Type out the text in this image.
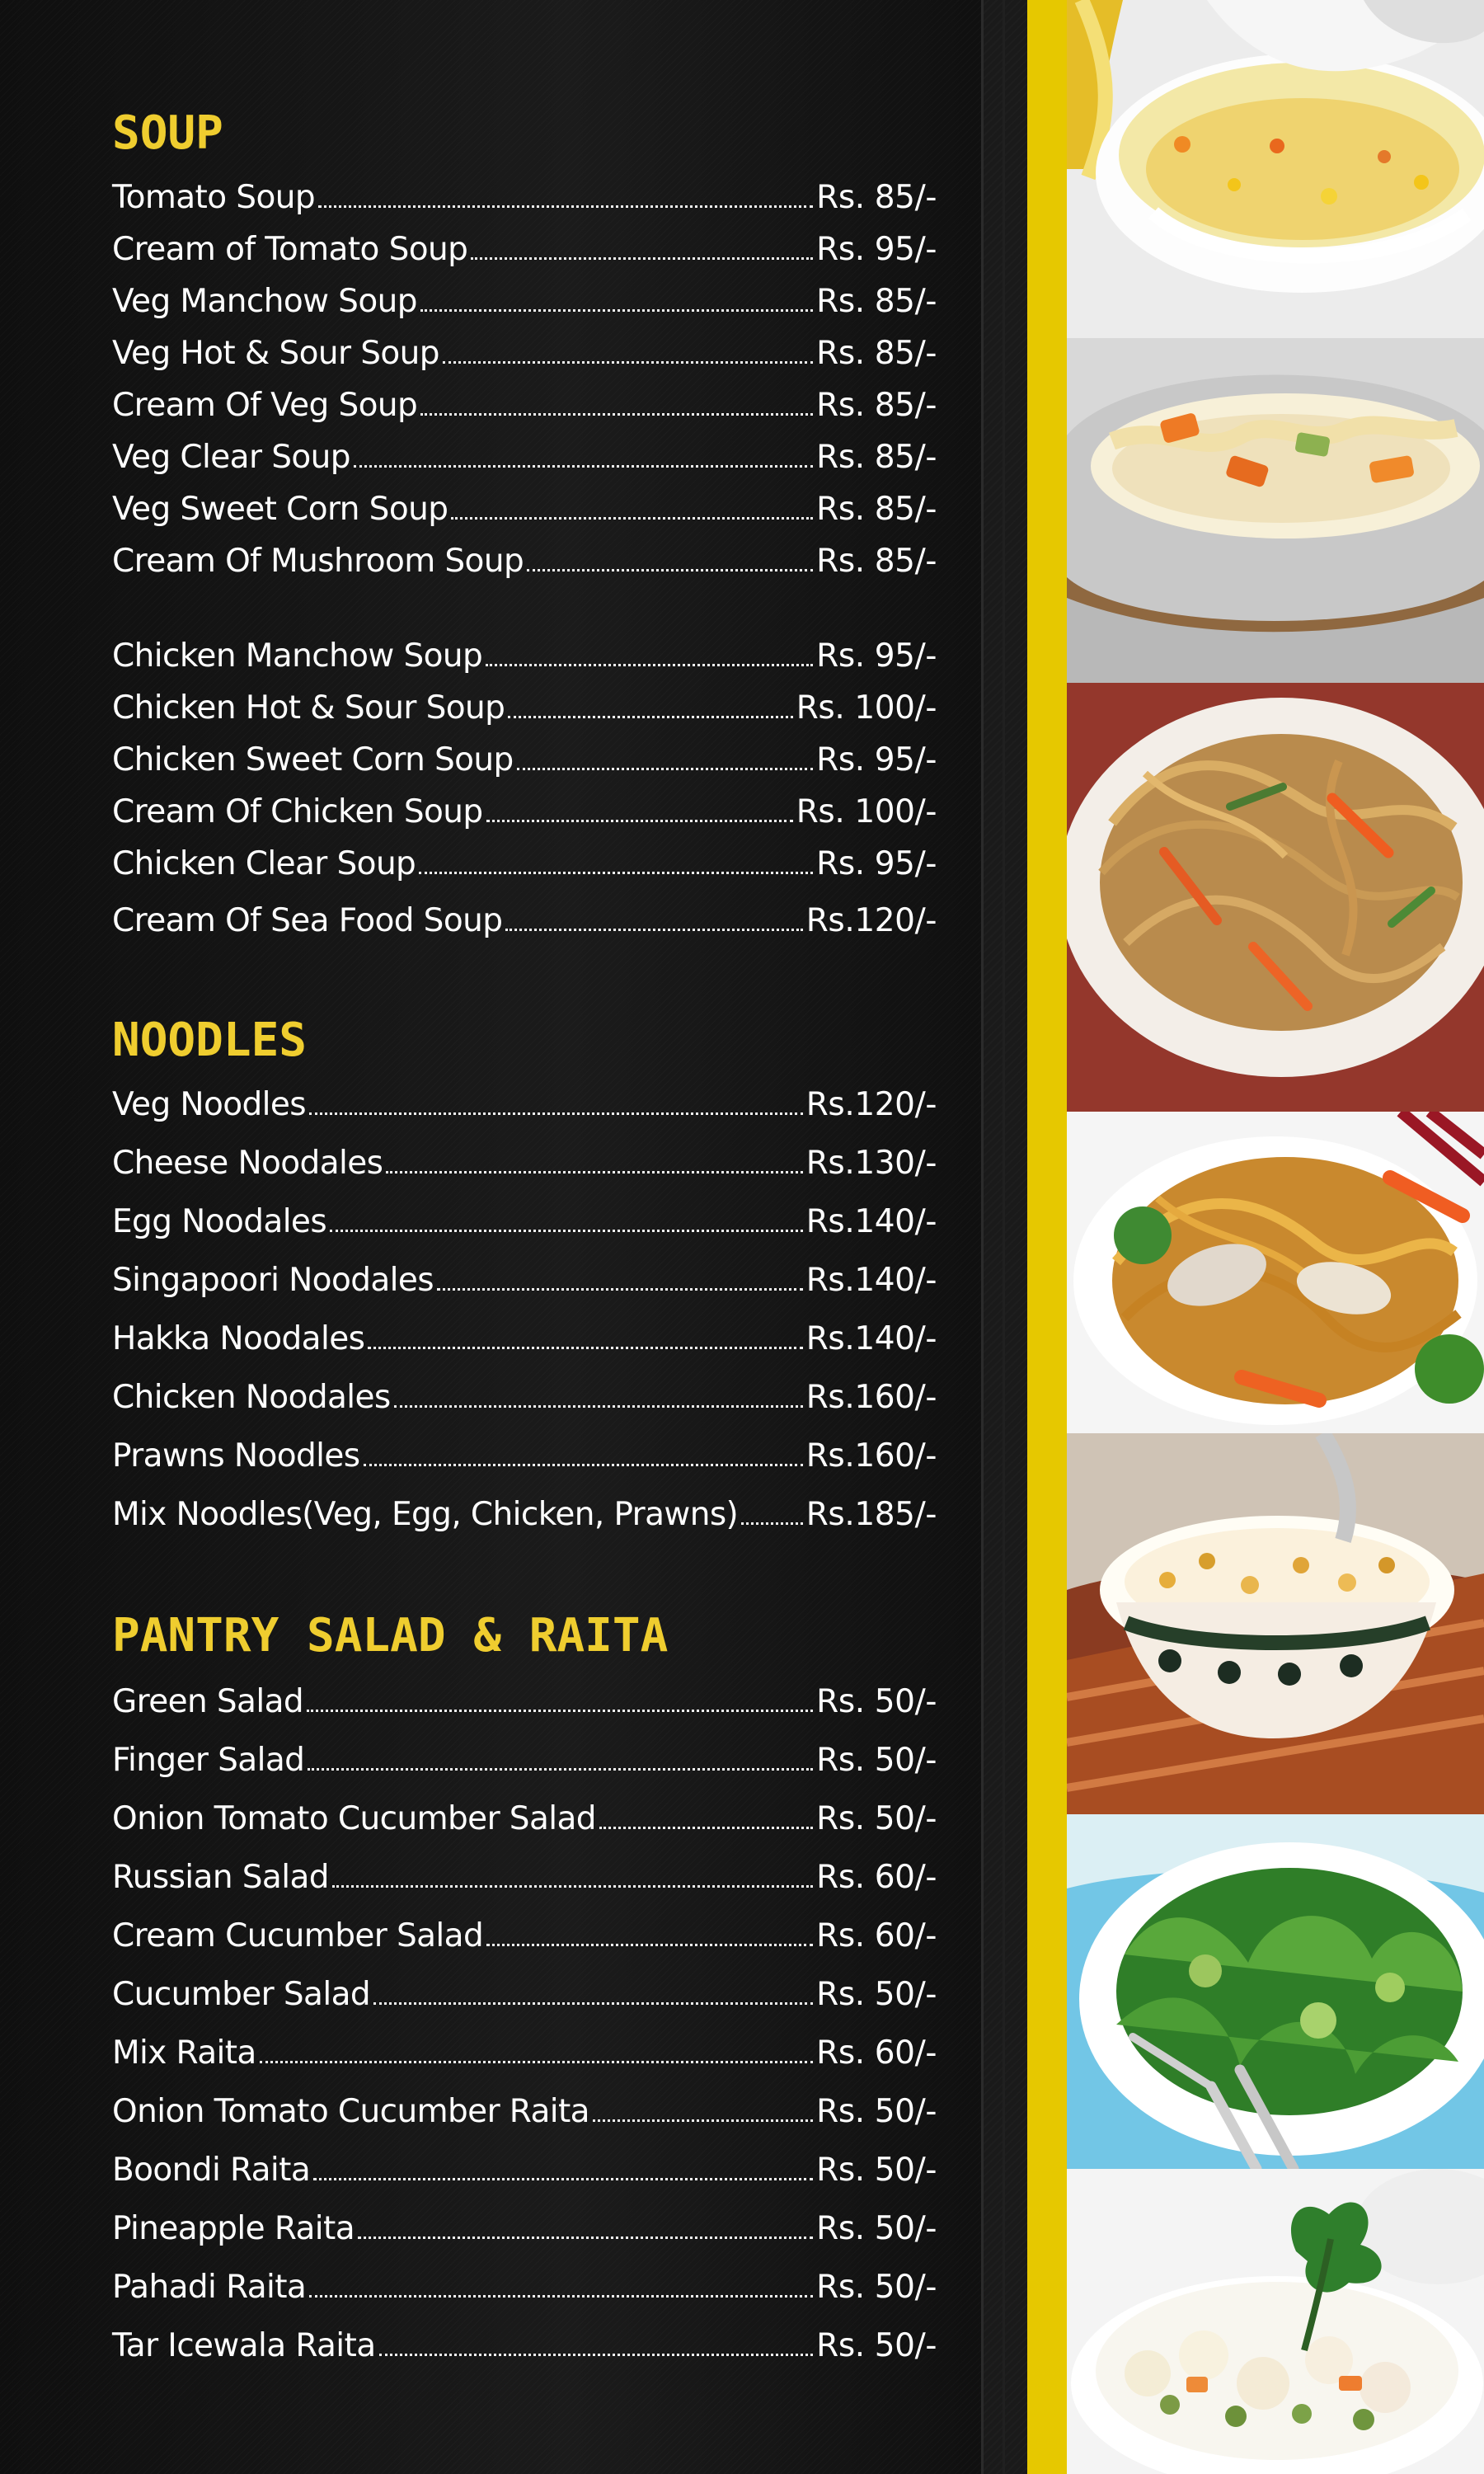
SOUP
Tomato Soup	Rs. 85/-
Cream of Tomato Soup	Rs. 95/-
Veg Manchow Soup	Rs. 85/-
Veg Hot & Sour Soup	Rs. 85/-
Cream Of Veg Soup	Rs. 85/-
Veg Clear Soup	Rs. 85/-
Veg Sweet Corn Soup	Rs. 85/-
Cream Of Mushroom Soup	Rs. 85/-
Chicken Manchow Soup	Rs. 95/-
Chicken Hot & Sour Soup	Rs. 100/-
Chicken Sweet Corn Soup	Rs. 95/-
Cream Of Chicken Soup	Rs. 100/-
Chicken Clear Soup	Rs. 95/-
Cream Of Sea Food Soup	Rs.120/-
NOODLES
Veg Noodles	Rs.120/-
Cheese Noodales	Rs.130/-
Egg Noodales	Rs.140/-
Singapoori Noodales	Rs.140/-
Hakka Noodales	Rs.140/-
Chicken Noodales	Rs.160/-
Prawns Noodles	Rs.160/-
Mix Noodles(Veg, Egg, Chicken, Prawns) Rs.185/-
PANTRY SALAD & RAITA
Green Salad	Rs. 50/-
Finger Salad	Rs. 50/-
Onion Tomato Cucumber Salad	Rs. 50/-
Russian Salad	Rs. 60/-
Cream Cucumber Salad	Rs. 60/-
Cucumber Salad	Rs. 50/-
Mix Raita	Rs. 60/-
Onion Tomato Cucumber Raita	Rs. 50/-
Boondi Raita	Rs. 50/-
Pineapple Raita	Rs. 50/-
Pahadi Raita	Rs. 50/-
Tar Icewala Raita	Rs. 50/-
